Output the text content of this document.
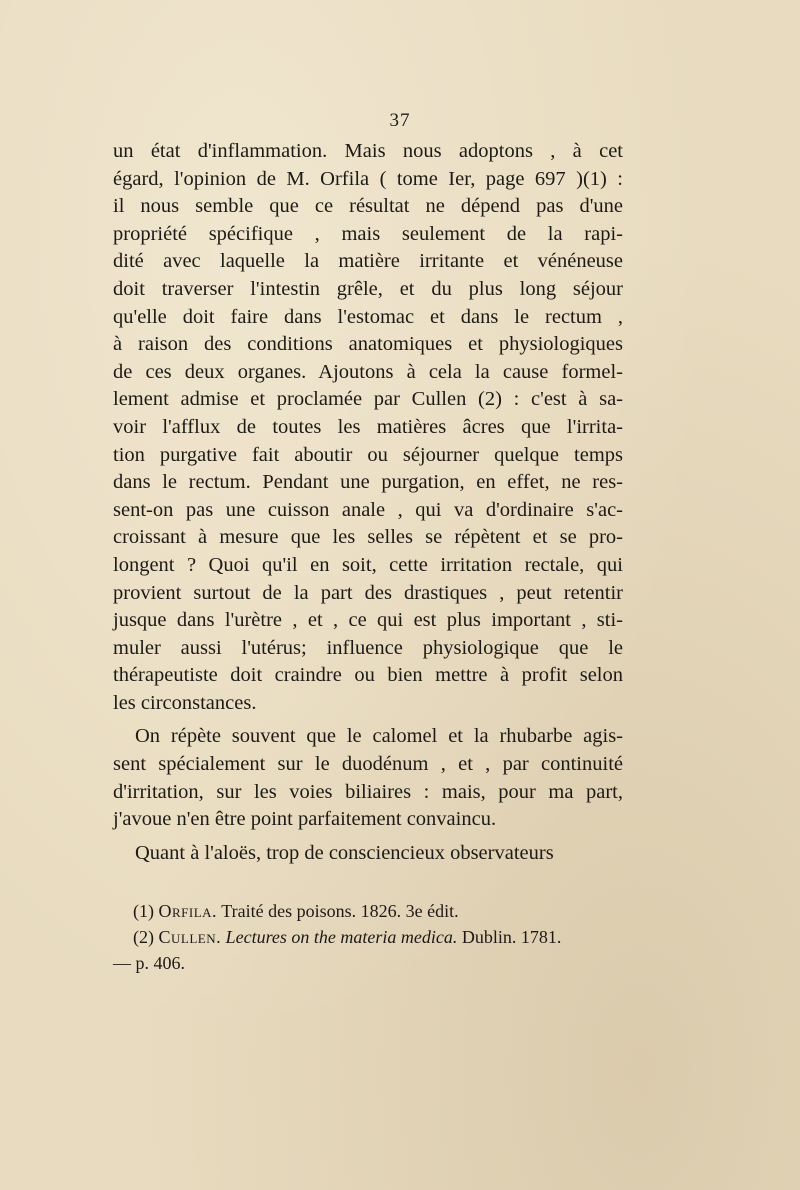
37
un état d'inflammation. Mais nous adoptons , à cet
égard, l'opinion de M. Orfila ( tome Ier, page 697 )(1) :
il nous semble que ce résultat ne dépend pas d'une
propriété spécifique , mais seulement de la rapi-
dité avec laquelle la matière irritante et vénéneuse
doit traverser l'intestin grêle, et du plus long séjour
qu'elle doit faire dans l'estomac et dans le rectum ,
à raison des conditions anatomiques et physiologiques
de ces deux organes. Ajoutons à cela la cause formel-
lement admise et proclamée par Cullen (2) : c'est à sa-
voir l'afflux de toutes les matières âcres que l'irrita-
tion purgative fait aboutir ou séjourner quelque temps
dans le rectum. Pendant une purgation, en effet, ne res-
sent-on pas une cuisson anale , qui va d'ordinaire s'ac-
croissant à mesure que les selles se répètent et se pro-
longent ? Quoi qu'il en soit, cette irritation rectale, qui
provient surtout de la part des drastiques , peut retentir
jusque dans l'urètre , et , ce qui est plus important , sti-
muler aussi l'utérus; influence physiologique que le
thérapeutiste doit craindre ou bien mettre à profit selon
les circonstances.
On répète souvent que le calomel et la rhubarbe agis-
sent spécialement sur le duodénum , et , par continuité
d'irritation, sur les voies biliaires : mais, pour ma part,
j'avoue n'en être point parfaitement convaincu.
Quant à l'aloës, trop de consciencieux observateurs
(1) Orfila. Traité des poisons. 1826. 3e édit.
(2) Cullen. Lectures on the materia medica. Dublin. 1781.
— p. 406.
